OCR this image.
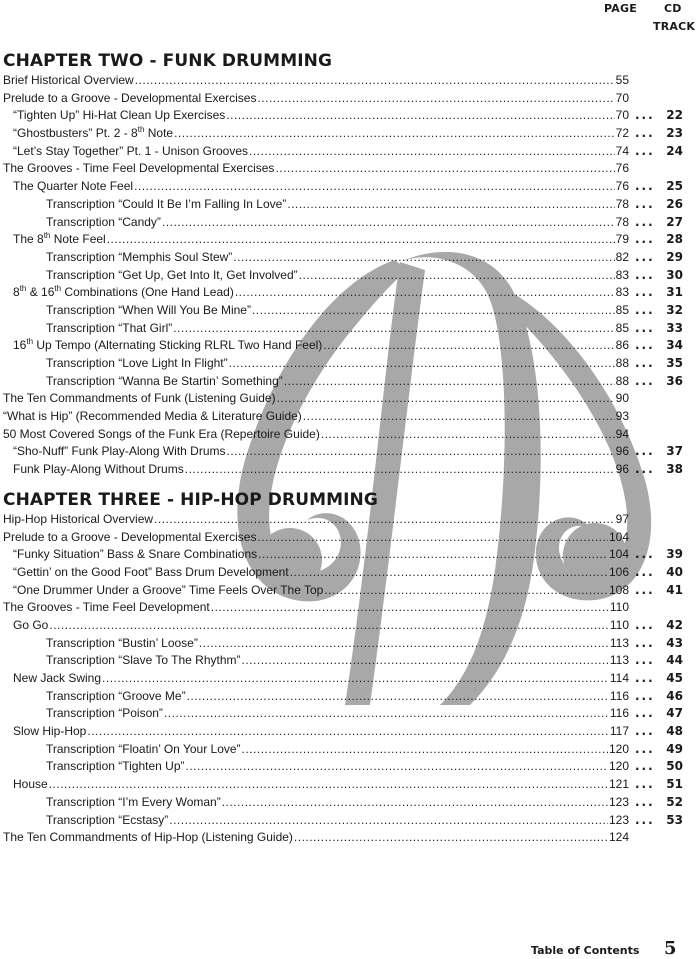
PAGE CD
TRACK
CHAPTER TWO - FUNK DRUMMING
Brief Historical Overview .....	55
Prelude to a Groove - Developmental Exercises .....	70
“Tighten Up” Hi-Hat Clean Up Exercises .....	70 ... 22
“Ghostbusters” Pt. 2 - 8th Note .....	72 ... 23
“Let’s Stay Together” Pt. 1 - Unison Grooves .....	74 ... 24
The Grooves - Time Feel Developmental Exercises .....	76
The Quarter Note Feel .....	76 ... 25
Transcription “Could It Be I’m Falling In Love” .....	78 ... 26
Transcription “Candy” .....	78 ... 27
The 8th Note Feel .....	79 ... 28
Transcription “Memphis Soul Stew” .....	82 ... 29
Transcription “Get Up, Get Into It, Get Involved” .....	83 ... 30
8th & 16th Combinations (One Hand Lead) .....	83 ... 31
Transcription “When Will You Be Mine” .....	85 ... 32
Transcription “That Girl” .....	85 ... 33
16th Up Tempo (Alternating Sticking RLRL Two Hand Feel) .....	86 ... 34
Transcription “Love Light In Flight” .....	88 ... 35
Transcription “Wanna Be Startin’ Something” .....	88 ... 36
The Ten Commandments of Funk (Listening Guide) .....	90
“What is Hip” (Recommended Media & Literature Guide) .....	93
50 Most Covered Songs of the Funk Era (Repertoire Guide) .....	94
“Sho-Nuff” Funk Play-Along With Drums .....	96 ... 37
Funk Play-Along Without Drums .....	96 ... 38
CHAPTER THREE - HIP-HOP DRUMMING
Hip-Hop Historical Overview .....	97
Prelude to a Groove - Developmental Exercises .....	104
“Funky Situation” Bass & Snare Combinations .....	104 ... 39
“Gettin’ on the Good Foot” Bass Drum Development .....	106 ... 40
“One Drummer Under a Groove” Time Feels Over The Top .....	108 ... 41
The Grooves - Time Feel Development .....	110
Go Go .....	110 ... 42
Transcription “Bustin’ Loose” .....	113 ... 43
Transcription “Slave To The Rhythm” .....	113 ... 44
New Jack Swing .....	114 ... 45
Transcription “Groove Me” .....	116 ... 46
Transcription “Poison” .....	116 ... 47
Slow Hip-Hop .....	117 ... 48
Transcription “Floatin’ On Your Love” .....	120 ... 49
Transcription “Tighten Up” .....	120 ... 50
House .....	121 ... 51
Transcription “I’m Every Woman” .....	123 ... 52
Transcription “Ecstasy” .....	123 ... 53
The Ten Commandments of Hip-Hop (Listening Guide) .....	124
Table of Contents 5
